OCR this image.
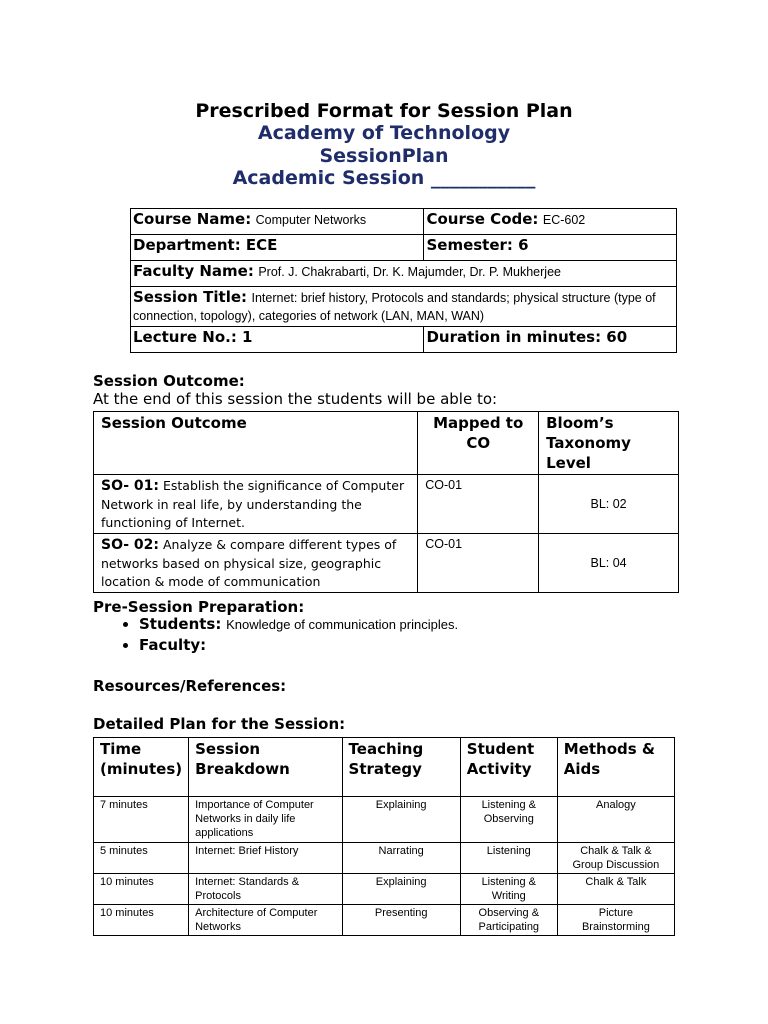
Prescribed Format for Session Plan
Academy of Technology
SessionPlan
Academic Session ___________
Course Name: Computer Networks	Course Code: EC-602
Department: ECE	Semester: 6
Faculty Name: Prof. J. Chakrabarti, Dr. K. Majumder, Dr. P. Mukherjee	
Session Title: Internet: brief history, Protocols and standards; physical structure (type of connection, topology), categories of network (LAN, MAN, WAN)	
Lecture No.: 1	Duration in minutes: 60
Session Outcome:
At the end of this session the students will be able to:
Session Outcome	Mapped to CO	Bloom’s Taxonomy Level
SO- 01: Establish the significance of Computer Network in real life, by understanding the functioning of Internet.	CO-01	BL: 02
SO- 02: Analyze & compare different types of networks based on physical size, geographic location & mode of communication	CO-01	BL: 04
Pre-Session Preparation:
• Students: Knowledge of communication principles.
• Faculty:
Resources/References:
Detailed Plan for the Session:
Time (minutes)	Session Breakdown	Teaching Strategy	Student Activity	Methods & Aids
7 minutes	Importance of Computer Networks in daily life applications	Explaining	Listening & Observing	Analogy
5 minutes	Internet: Brief History	Narrating	Listening	Chalk & Talk & Group Discussion
10 minutes	Internet: Standards & Protocols	Explaining	Listening & Writing	Chalk & Talk
10 minutes	Architecture of Computer Networks	Presenting	Observing & Participating	Picture Brainstorming
